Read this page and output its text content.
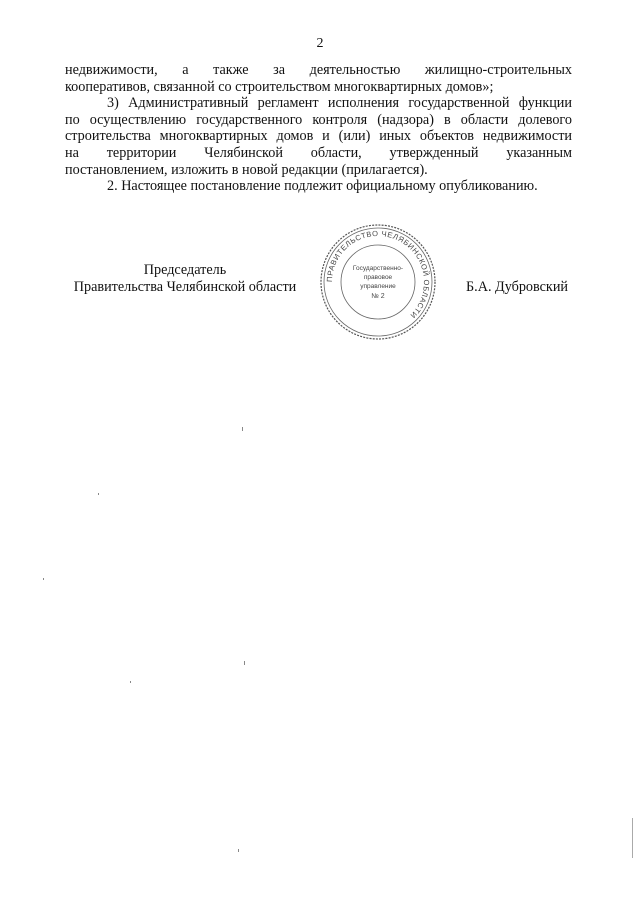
2

недвижимости, а также за деятельностью жилищно-строительных
кооперативов, связанной со строительством многоквартирных домов»;

3) Административный регламент исполнения государственной функции
по осуществлению государственного контроля (надзора) в области долевого
строительства многоквартирных домов и (или) иных объектов недвижимости
на территории Челябинской области, утвержденный указанным
постановлением, изложить в новой редакции (прилагается).

2. Настоящее постановление подлежит официальному опубликованию.

Председатель
Правительства Челябинской области	Б.А. Дубровский
ПРАВИТЕЛЬСТВО ЧЕЛЯБИНСКОЙ ОБЛАСТИ
Государственно-
правовое
управление
№ 2
